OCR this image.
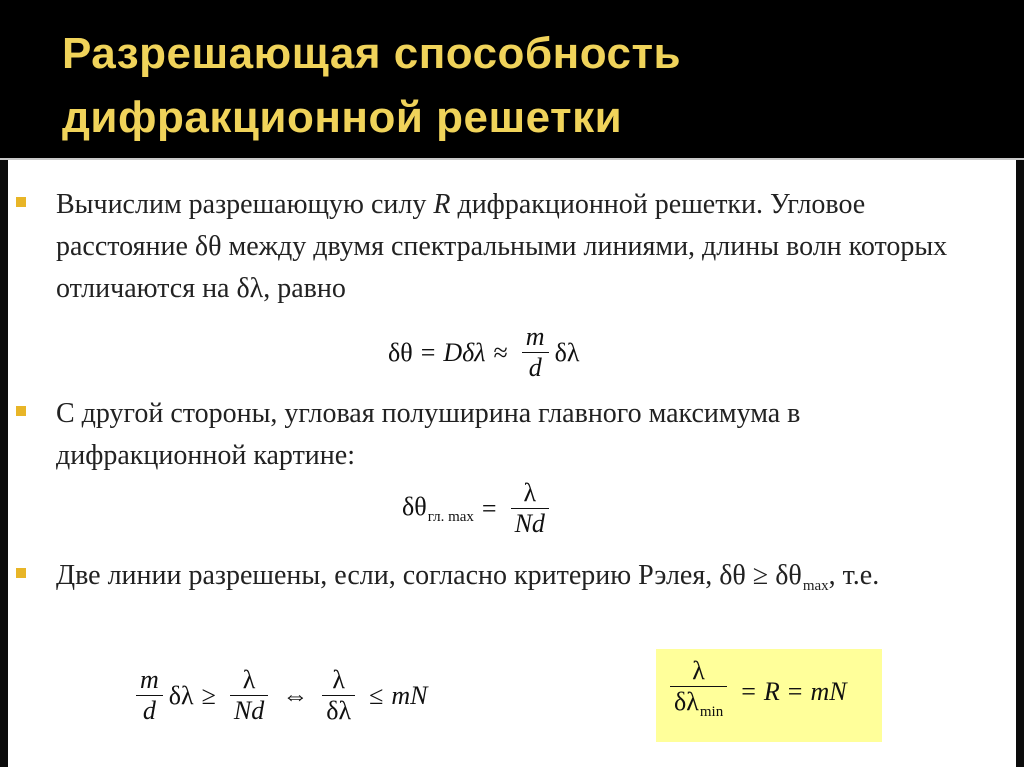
Разрешающая способность
дифракционной решетки

Вычислим разрешающую силу R дифракционной решетки. Угловое расстояние δθ между двумя спектральными линиями, длины волн которых отличаются на δλ, равно

$\delta\theta = D\delta\lambda \approx \frac{m}{d}$ δλ

С другой стороны, угловая полуширина главного максимума в дифракционной картине:

$\delta\theta_{гл. max} = \frac{\lambda}{Nd}$

Две линии разрешены, если, согласно критерию Рэлея, $\delta\theta \ge \delta\theta_{max}$, т.е.

$\frac{m}{d}$ $\delta\lambda \ge \frac{\lambda}{Nd}$ ⇔ $\frac{\lambda}{\delta\lambda}$ ≤ mN	$\frac{\lambda}{\delta\lambda_{min}} = R$ = mN
